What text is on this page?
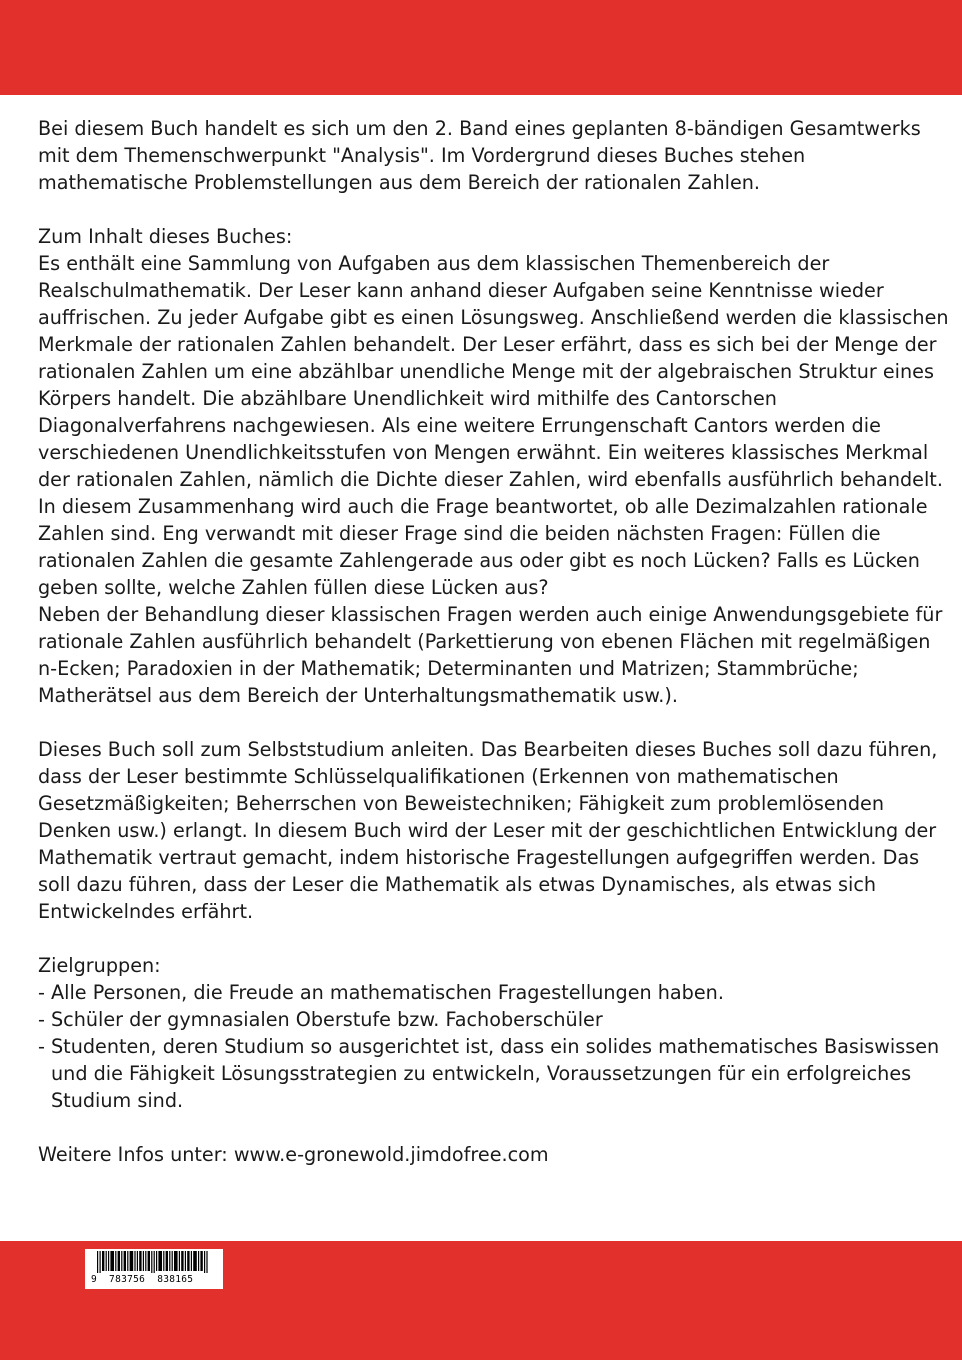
Bei diesem Buch handelt es sich um den 2. Band eines geplanten 8-bändigen Gesamtwerks mit dem Themenschwerpunkt "Analysis". Im Vordergrund dieses Buches stehen mathematische Problemstellungen aus dem Bereich der rationalen Zahlen.

Zum Inhalt dieses Buches:

Es enthält eine Sammlung von Aufgaben aus dem klassischen Themenbereich der Realschulmathematik. Der Leser kann anhand dieser Aufgaben seine Kenntnisse wieder auffrischen. Zu jeder Aufgabe gibt es einen Lösungsweg. Anschließend werden die klassischen Merkmale der rationalen Zahlen behandelt. Der Leser erfährt, dass es sich bei der Menge der rationalen Zahlen um eine abzählbar unendliche Menge mit der algebraischen Struktur eines Körpers handelt. Die abzählbare Unendlichkeit wird mithilfe des Cantorschen Diagonalverfahrens nachgewiesen. Als eine weitere Errungenschaft Cantors werden die verschiedenen Unendlichkeitsstufen von Mengen erwähnt. Ein weiteres klassisches Merkmal der rationalen Zahlen, nämlich die Dichte dieser Zahlen, wird ebenfalls ausführlich behandelt. In diesem Zusammenhang wird auch die Frage beantwortet, ob alle Dezimalzahlen rationale Zahlen sind. Eng verwandt mit dieser Frage sind die beiden nächsten Fragen: Füllen die rationalen Zahlen die gesamte Zahlengerade aus oder gibt es noch Lücken? Falls es Lücken geben sollte, welche Zahlen füllen diese Lücken aus?

Neben der Behandlung dieser klassischen Fragen werden auch einige Anwendungsgebiete für rationale Zahlen ausführlich behandelt (Parkettierung von ebenen Flächen mit regelmäßigen n-Ecken; Paradoxien in der Mathematik; Determinanten und Matrizen; Stammbrüche; Matherätsel aus dem Bereich der Unterhaltungsmathematik usw.).

Dieses Buch soll zum Selbststudium anleiten. Das Bearbeiten dieses Buches soll dazu führen, dass der Leser bestimmte Schlüsselqualifikationen (Erkennen von mathematischen Gesetzmäßigkeiten; Beherrschen von Beweistechniken; Fähigkeit zum problemlösenden Denken usw.) erlangt. In diesem Buch wird der Leser mit der geschichtlichen Entwicklung der Mathematik vertraut gemacht, indem historische Fragestellungen aufgegriffen werden. Das soll dazu führen, dass der Leser die Mathematik als etwas Dynamisches, als etwas sich Entwickelndes erfährt.

Zielgruppen:

- Alle Personen, die Freude an mathematischen Fragestellungen haben.
- Schüler der gymnasialen Oberstufe bzw. Fachoberschüler
- Studenten, deren Studium so ausgerichtet ist, dass ein solides mathematisches Basiswissen und die Fähigkeit Lösungsstrategien zu entwickeln, Voraussetzungen für ein erfolgreiches Studium sind.

Weitere Infos unter: www.e-gronewold.jimdofree.com

9  783756  838165
